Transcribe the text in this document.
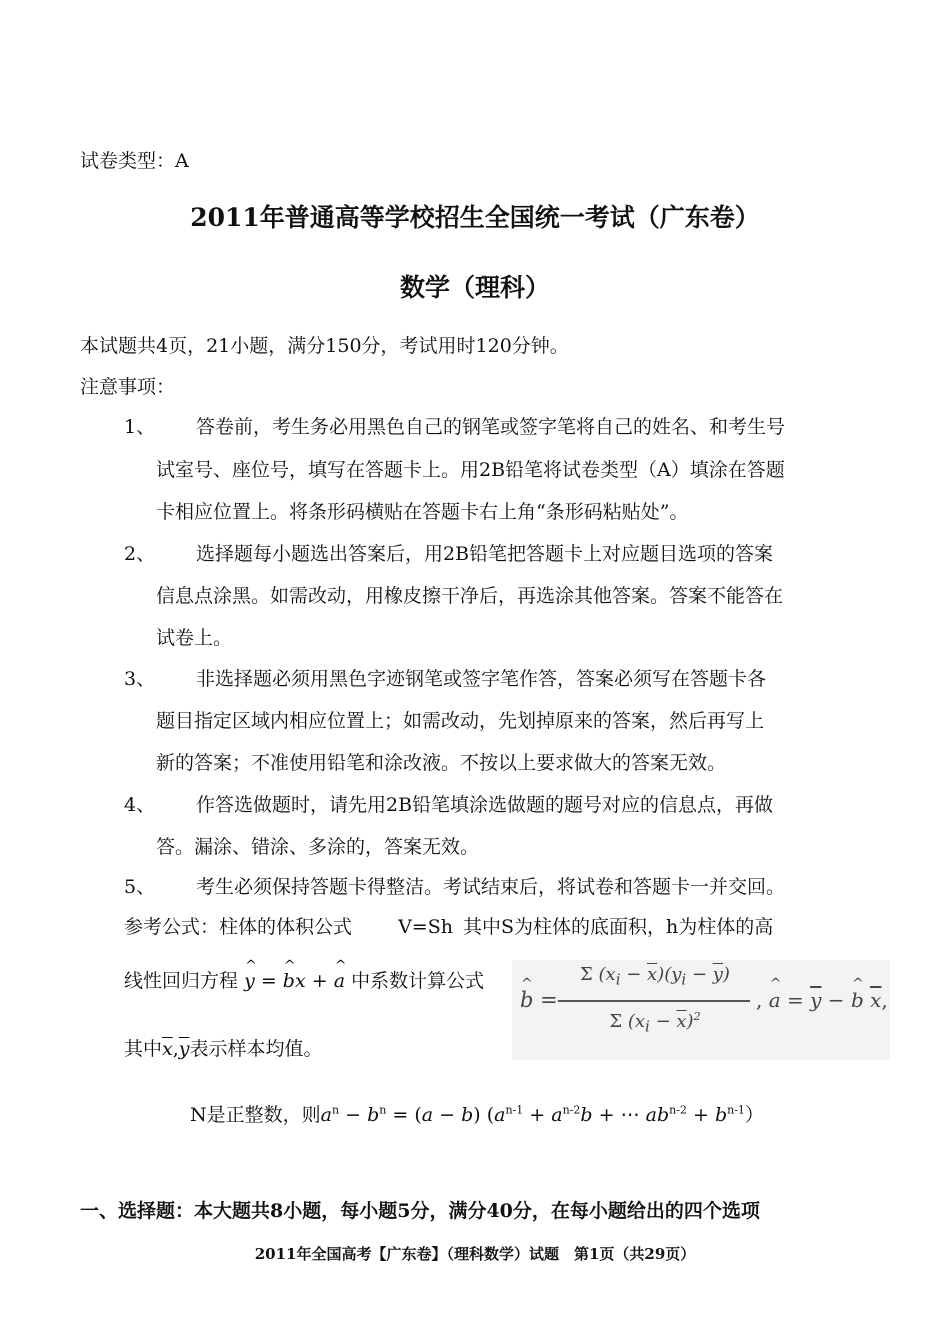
试卷类型：A
2011年普通高等学校招生全国统一考试（广东卷）
数学（理科）
本试题共4页，21小题，满分150分，考试用时120分钟。
注意事项：
1、 答卷前，考生务必用黑色自己的钢笔或签字笔将自己的姓名、和考生号
试室号、座位号，填写在答题卡上。用2B铅笔将试卷类型（A）填涂在答题
卡相应位置上。将条形码横贴在答题卡右上角“条形码粘贴处”。
2、 选择题每小题选出答案后，用2B铅笔把答题卡上对应题目选项的答案
信息点涂黑。如需改动，用橡皮擦干净后，再选涂其他答案。答案不能答在
试卷上。
3、 非选择题必须用黑色字迹钢笔或签字笔作答，答案必须写在答题卡各
题目指定区域内相应位置上；如需改动，先划掉原来的答案，然后再写上
新的答案；不准使用铅笔和涂改液。不按以上要求做大的答案无效。
4、 作答选做题时，请先用2B铅笔填涂选做题的题号对应的信息点，再做
答。漏涂、错涂、多涂的，答案无效。
5、 考生必须保持答题卡得整洁。考试结束后，将试卷和答题卡一并交回。
参考公式：柱体的体积公式 V=Sh 其中S为柱体的底面积，h为柱体的高
线性回归方程 ^ y = ^ bx + ^ a 中系数计算公式
^ b =
Σ $(x_i - \overline{x})(y_i - \overline{y})$
Σ $(x_i - \overline{x})^2$
, ^ $a = \overline{y}$ − ^ b $\overline{x}$,
其中$\overline{x},\overline{y}$表示样本均值。
N是正整数，则$a^n - b^n = (a - b) (a^{n-1} + a^{n-2}b$ + ⋯ $ab^{n-2} + b^{n-1}$）
一、选择题：本大题共8小题，每小题5分，满分40分，在每小题给出的四个选项
2011年全国高考【广东卷】（理科数学）试题　第1页（共29页）
